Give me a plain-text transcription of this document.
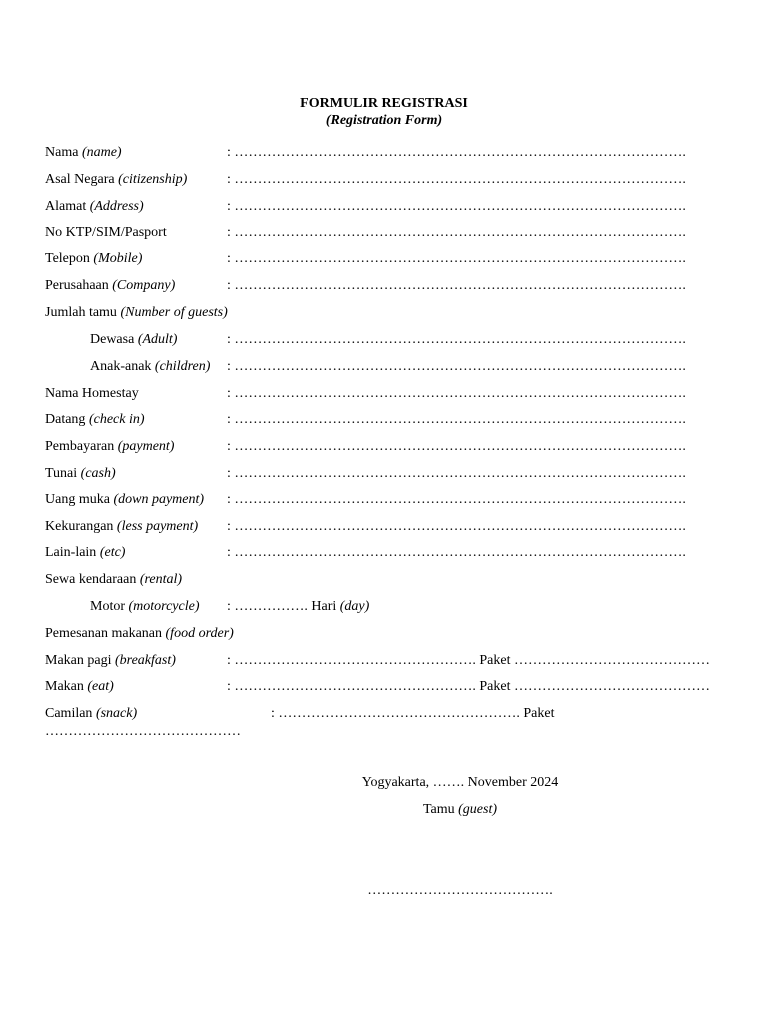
FORMULIR REGISTRASI
(Registration Form)
Nama (name)	: …………………………………………………………………………………….
Asal Negara (citizenship)	: …………………………………………………………………………………….
Alamat (Address)	: …………………………………………………………………………………….
No KTP/SIM/Pasport	: …………………………………………………………………………………….
Telepon (Mobile)	: …………………………………………………………………………………….
Perusahaan (Company)	: …………………………………………………………………………………….
Jumlah tamu (Number of guests)
Dewasa (Adult)	: …………………………………………………………………………………….
Anak-anak (children) : …………………………………………………………………………………….
Nama Homestay	: …………………………………………………………………………………….
Datang (check in)	: …………………………………………………………………………………….
Pembayaran (payment)	: …………………………………………………………………………………….
Tunai (cash)	: …………………………………………………………………………………….
Uang muka (down payment) : …………………………………………………………………………………….
Kekurangan (less payment) : …………………………………………………………………………………….
Lain-lain (etc)	: …………………………………………………………………………………….
Sewa kendaraan (rental)
Motor (motorcycle) : ……………. Hari (day)
Pemesanan makanan (food order)
Makan pagi (breakfast)	: ……………………………………………. Paket ……………………………………
Makan (eat)	: ……………………………………………. Paket ……………………………………
Camilan (snack)	: ……………………………………………. Paket
……………………………………
Yogyakarta, ……. November 2024
Tamu (guest)
………………………………….
